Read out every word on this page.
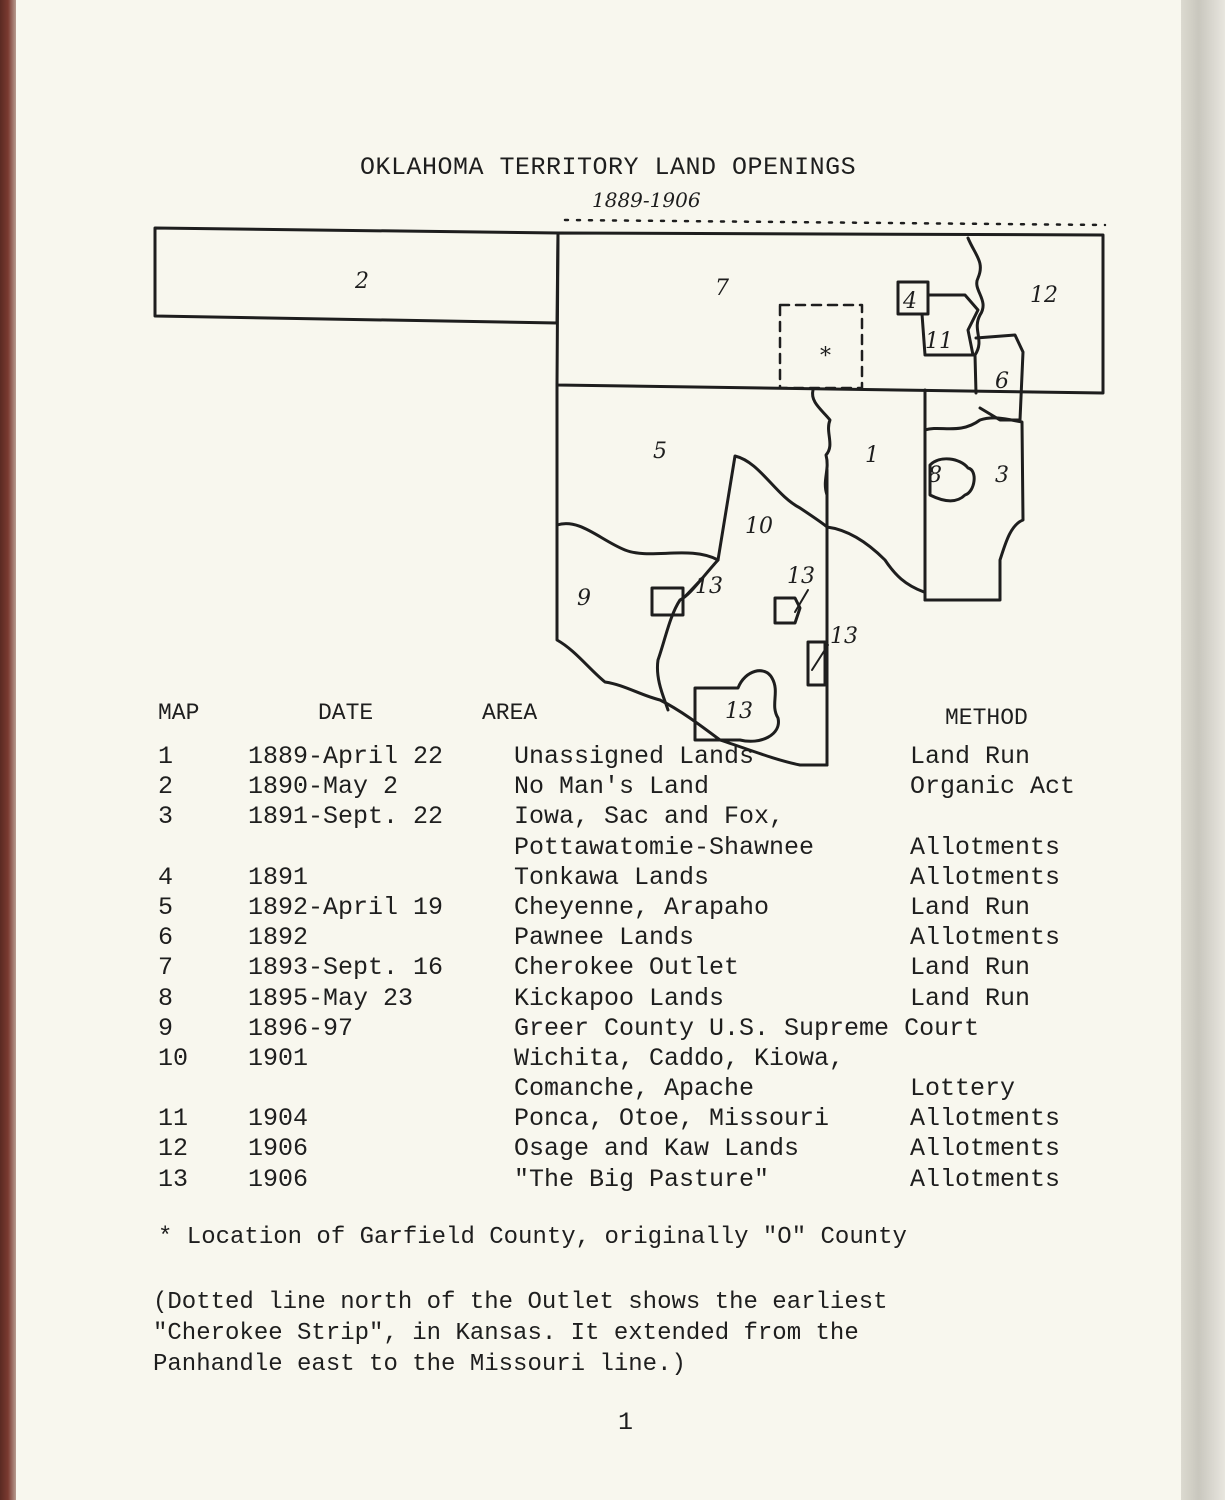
OKLAHOMA TERRITORY LAND OPENINGS
1889-1906
2	7
4	12
11
*
6
5	1
8 3
10
9	13	13
13
13
MAP	DATE	AREA	METHOD
1	1889-April 22	Unassigned Lands	Land Run
2	1890-May 2	No Man's Land	Organic Act
3	1891-Sept. 22	Iowa, Sac and Fox,
Pottawatomie-Shawnee	Allotments
4	1891	Tonkawa Lands	Allotments
5	1892-April 19	Cheyenne, Arapaho	Land Run
6	1892	Pawnee Lands	Allotments
7	1893-Sept. 16	Cherokee Outlet	Land Run
8	1895-May 23	Kickapoo Lands	Land Run
9	1896-97	Greer County U.S. Supreme Court
10 1901	Wichita, Caddo, Kiowa,
Comanche, Apache	Lottery
11 1904	Ponca, Otoe, Missouri	Allotments
12 1906	Osage and Kaw Lands	Allotments
13 1906	"The Big Pasture"	Allotments
* Location of Garfield County, originally "O" County
(Dotted line north of the Outlet shows the earliest
"Cherokee Strip", in Kansas. It extended from the
Panhandle east to the Missouri line.)
1
